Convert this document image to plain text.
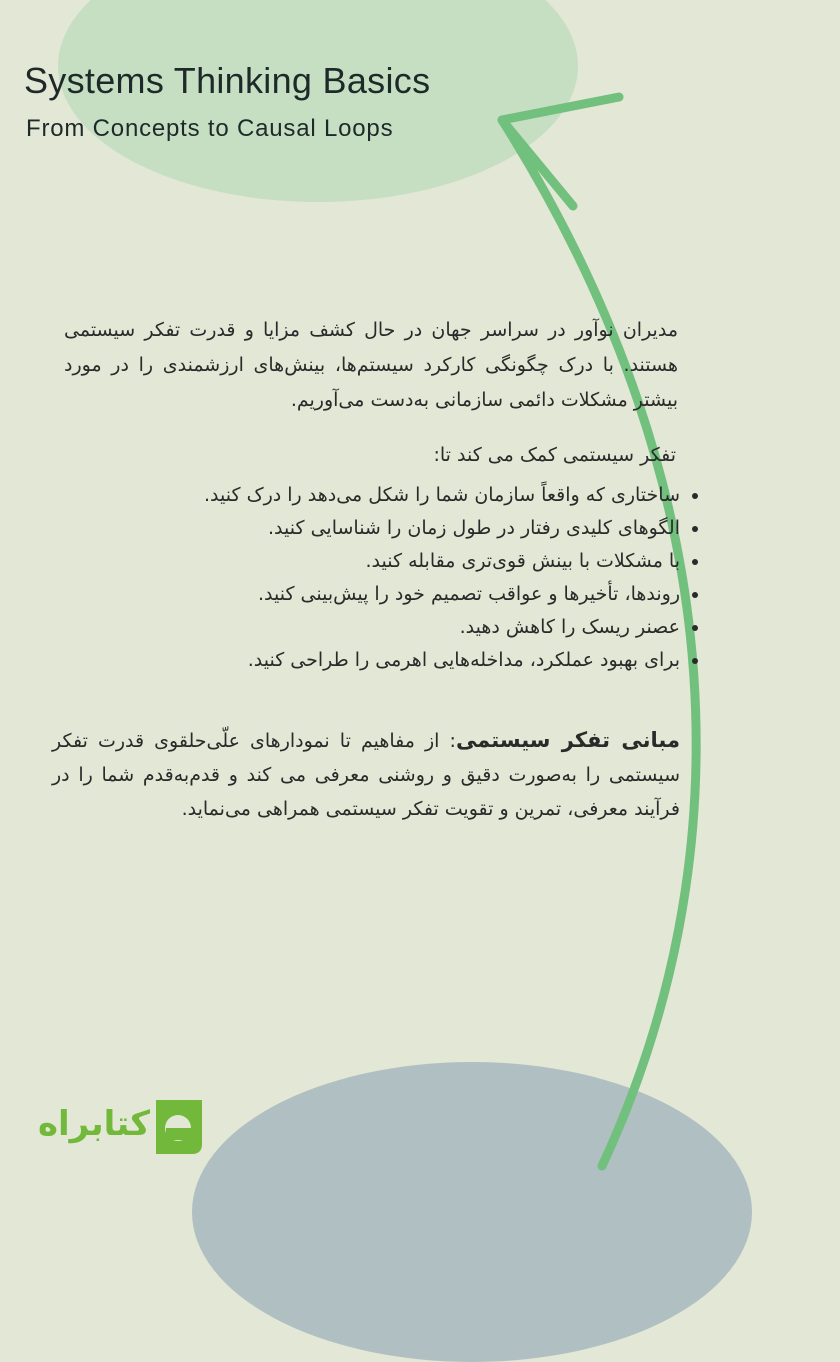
Systems Thinking Basics
From Concepts to Causal Loops

مدیران نوآور در سراسر جهان در حال کشف مزایا و قدرت تفکر سیستمی هستند. با درک چگونگی کارکرد سیستم‌ها، بینش‌های ارزشمندی را در مورد بیشتر مشکلات دائمی سازمانی به‌دست می‌آوریم.

تفکر سیستمی کمک می کند تا:

• ساختاری که واقعاً سازمان شما را شکل می‌دهد را درک کنید.
• الگوهای کلیدی رفتار در طول زمان را شناسایی کنید.
• با مشکلات با بینش قوی‌تری مقابله کنید.
• روندها، تأخیرها و عواقب تصمیم خود را پیش‌بینی کنید.
• عصنر ریسک را کاهش دهید.
• برای بهبود عملکرد، مداخله‌هایی اهرمی را طراحی کنید.

مبانی تفکر سیستمی: از مفاهیم تا نمودارهای علّی‌حلقوی قدرت تفکر سیستمی را به‌صورت دقیق و روشنی معرفی می کند و قدم‌به‌قدم شما را در فرآیند معرفی، تمرین و تقویت تفکر سیستمی همراهی می‌نماید.

کتابراه
